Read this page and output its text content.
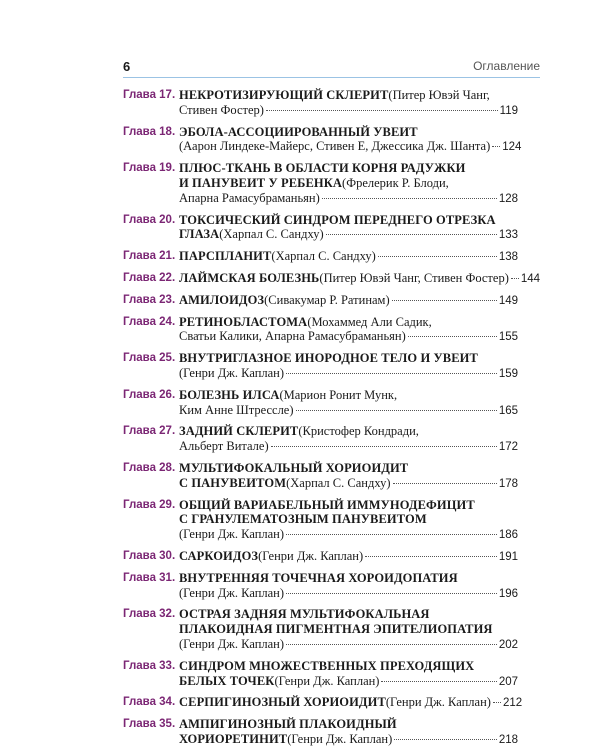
6	Оглавление
Глава 17. НЕКРОТИЗИРУЮЩИЙ СКЛЕРИТ (Питер Ювэй Чанг,
Стивен Фостер)	119
Глава 18. ЭБОЛА-АССОЦИИРОВАННЫЙ УВЕИТ
(Аарон Линдеке-Майерс, Стивен Е, Джессика Дж. Шанта) 124
Глава 19. ПЛЮС-ТКАНЬ В ОБЛАСТИ КОРНЯ РАДУЖКИ
И ПАНУВЕИТ У РЕБЕНКА (Фрелерик Р. Блоди,
Апарна Рамасубраманьян)	128
Глава 20. ТОКСИЧЕСКИЙ СИНДРОМ ПЕРЕДНЕГО ОТРЕЗКА
ГЛАЗА (Харпал С. Сандху)	133
Глава 21. ПАРСПЛАНИТ (Харпал С. Сандху)	138
Глава 22. ЛАЙМСКАЯ БОЛЕЗНЬ (Питер Ювэй Чанг, Стивен Фостер) 144
Глава 23. АМИЛОИДОЗ (Сивакумар Р. Ратинам)	149
Глава 24. РЕТИНОБЛАСТОМА (Мохаммед Али Садик,
Сватьи Калики, Апарна Рамасубраманьян)	155
Глава 25. ВНУТРИГЛАЗНОЕ ИНОРОДНОЕ ТЕЛО И УВЕИТ
(Генри Дж. Каплан)	159
Глава 26. БОЛЕЗНЬ ИЛСА (Марион Ронит Мунк,
Ким Анне Штрессле)	165
Глава 27. ЗАДНИЙ СКЛЕРИТ (Кристофер Кондради,
Альберт Витале)	172
Глава 28. МУЛЬТИФОКАЛЬНЫЙ ХОРИОИДИТ
С ПАНУВЕИТОМ (Харпал С. Сандху)	178
Глава 29. ОБЩИЙ ВАРИАБЕЛЬНЫЙ ИММУНОДЕФИЦИТ
С ГРАНУЛЕМАТОЗНЫМ ПАНУВЕИТОМ
(Генри Дж. Каплан)	186
Глава 30. САРКОИДОЗ (Генри Дж. Каплан)	191
Глава 31. ВНУТРЕННЯЯ ТОЧЕЧНАЯ ХОРОИДОПАТИЯ
(Генри Дж. Каплан)	196
Глава 32. ОСТРАЯ ЗАДНЯЯ МУЛЬТИФОКАЛЬНАЯ
ПЛАКОИДНАЯ ПИГМЕНТНАЯ ЭПИТЕЛИОПАТИЯ
(Генри Дж. Каплан)	202
Глава 33. СИНДРОМ МНОЖЕСТВЕННЫХ ПРЕХОДЯЩИХ
БЕЛЫХ ТОЧЕК (Генри Дж. Каплан)	207
Глава 34. СЕРПИГИНОЗНЫЙ ХОРИОИДИТ (Генри Дж. Каплан) 212
Глава 35. АМПИГИНОЗНЫЙ ПЛАКОИДНЫЙ
ХОРИОРЕТИНИТ (Генри Дж. Каплан)	218
